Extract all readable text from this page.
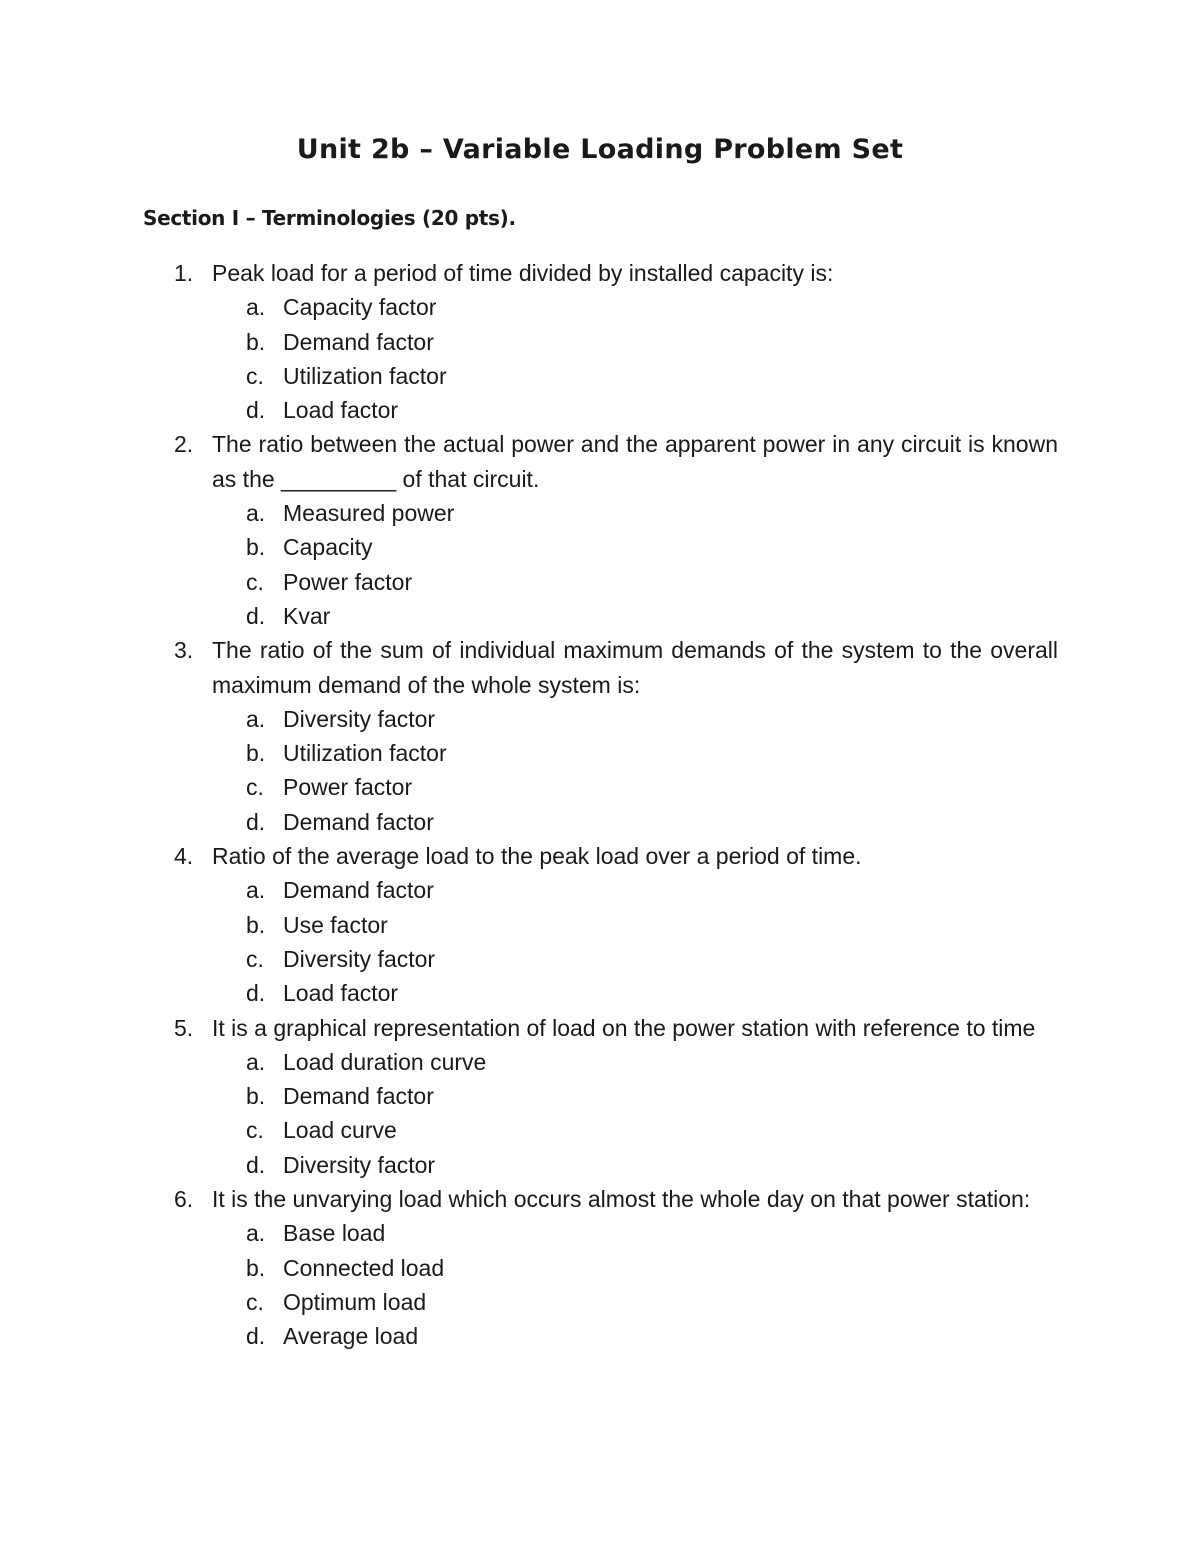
Unit 2b – Variable Loading Problem Set
Section I – Terminologies (20 pts).
1. Peak load for a period of time divided by installed capacity is:
a. Capacity factor
b. Demand factor
c. Utilization factor
d. Load factor
2. The ratio between the actual power and the apparent power in any circuit is known as the _________ of that circuit.
a. Measured power
b. Capacity
c. Power factor
d. Kvar
3. The ratio of the sum of individual maximum demands of the system to the overall maximum demand of the whole system is:
a. Diversity factor
b. Utilization factor
c. Power factor
d. Demand factor
4. Ratio of the average load to the peak load over a period of time.
a. Demand factor
b. Use factor
c. Diversity factor
d. Load factor
5. It is a graphical representation of load on the power station with reference to time
a. Load duration curve
b. Demand factor
c. Load curve
d. Diversity factor
6. It is the unvarying load which occurs almost the whole day on that power station:
a. Base load
b. Connected load
c. Optimum load
d. Average load
